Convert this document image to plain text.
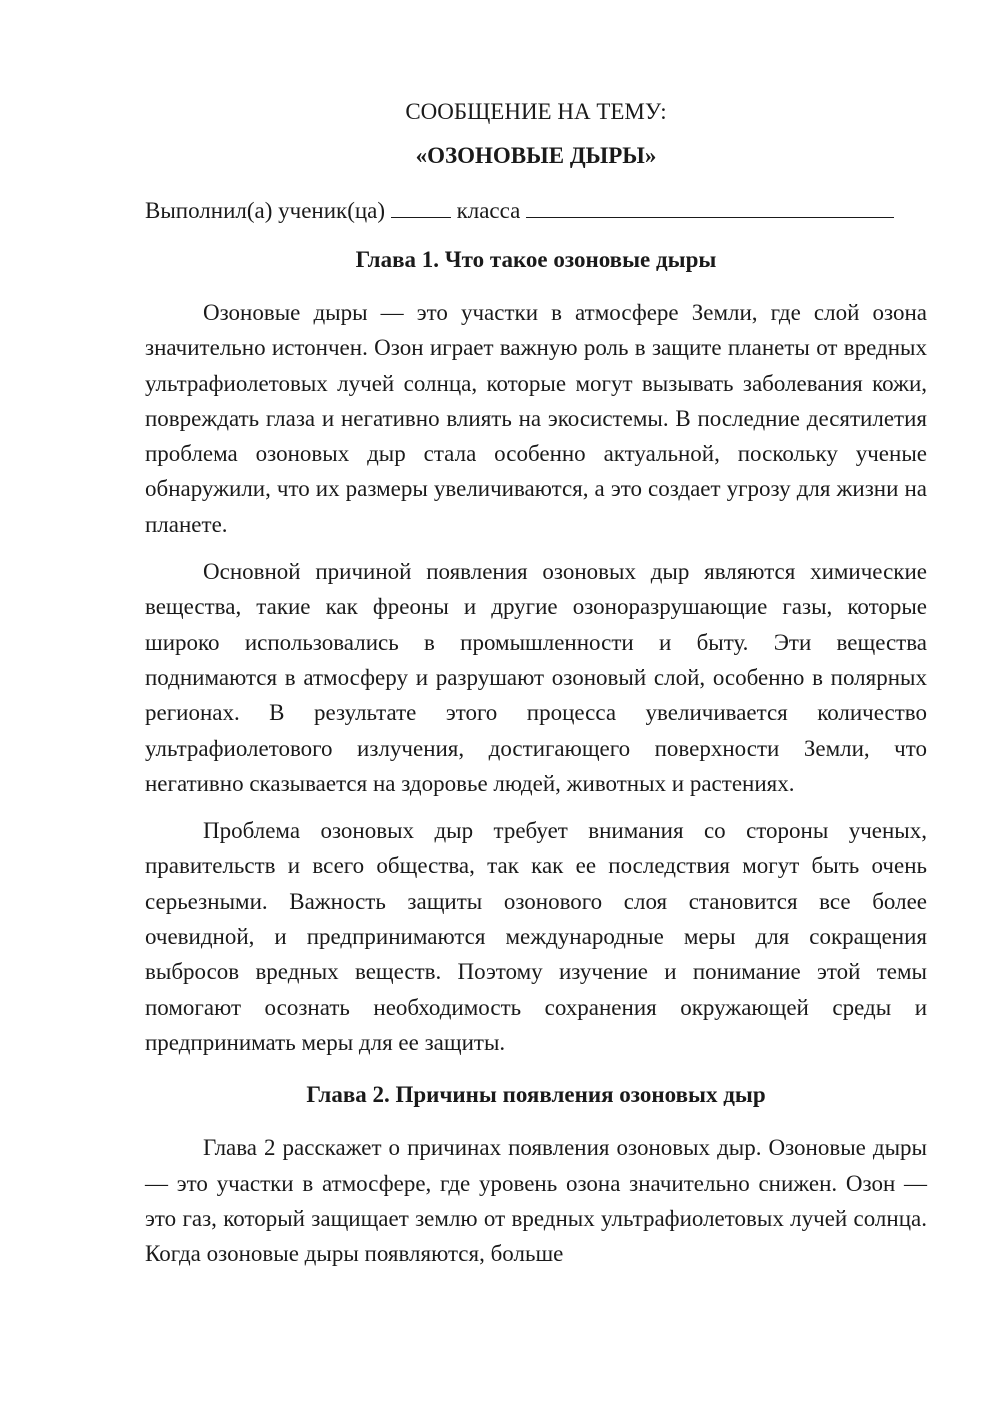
СООБЩЕНИЕ НА ТЕМУ:
«ОЗОНОВЫЕ ДЫРЫ»
Выполнил(а) ученик(ца)	класса
Глава 1. Что такое озоновые дыры

Озоновые дыры — это участки в атмосфере Земли, где слой озона значительно истончен. Озон играет важную роль в защите планеты от вредных ультрафиолетовых лучей солнца, которые могут вызывать заболевания кожи, повреждать глаза и негативно влиять на экосистемы. В последние десятилетия проблема озоновых дыр стала особенно актуальной, поскольку ученые обнаружили, что их размеры увеличиваются, а это создает угрозу для жизни на планете.

Основной причиной появления озоновых дыр являются химические вещества, такие как фреоны и другие озоноразрушающие газы, которые широко использовались в промышленности и быту. Эти вещества поднимаются в атмосферу и разрушают озоновый слой, особенно в полярных регионах. В результате этого процесса увеличивается количество ультрафиолетового излучения, достигающего поверхности Земли, что негативно сказывается на здоровье людей, животных и растениях.

Проблема озоновых дыр требует внимания со стороны ученых, правительств и всего общества, так как ее последствия могут быть очень серьезными. Важность защиты озонового слоя становится все более очевидной, и предпринимаются международные меры для сокращения выбросов вредных веществ. Поэтому изучение и понимание этой темы помогают осознать необходимость сохранения окружающей среды и предпринимать меры для ее защиты.

Глава 2. Причины появления озоновых дыр

Глава 2 расскажет о причинах появления озоновых дыр. Озоновые дыры — это участки в атмосфере, где уровень озона значительно снижен. Озон — это газ, который защищает землю от вредных ультрафиолетовых лучей солнца. Когда озоновые дыры появляются, больше
